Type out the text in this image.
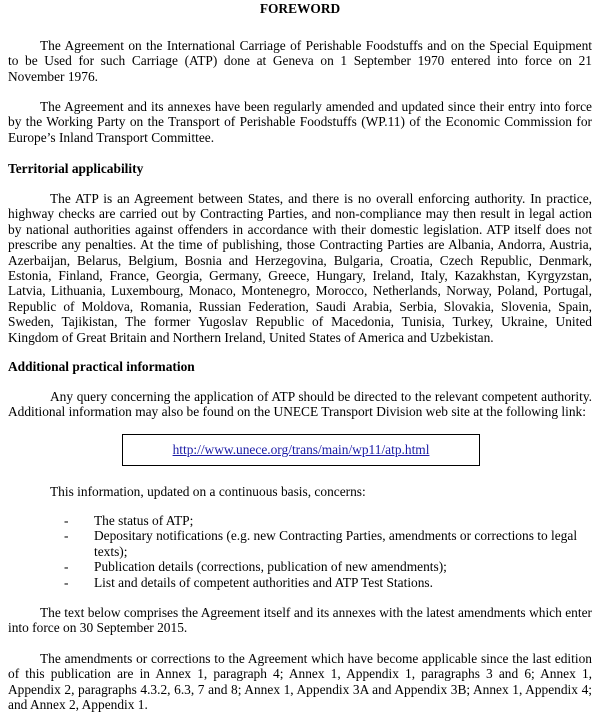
FOREWORD

The Agreement on the International Carriage of Perishable Foodstuffs and on the Special Equipment to be Used for such Carriage (ATP) done at Geneva on 1 September 1970 entered into force on 21 November 1976.

The Agreement and its annexes have been regularly amended and updated since their entry into force by the Working Party on the Transport of Perishable Foodstuffs (WP.11) of the Economic Commission for Europe’s Inland Transport Committee.

Territorial applicability

The ATP is an Agreement between States, and there is no overall enforcing authority. In practice, highway checks are carried out by Contracting Parties, and non-compliance may then result in legal action by national authorities against offenders in accordance with their domestic legislation. ATP itself does not prescribe any penalties. At the time of publishing, those Contracting Parties are Albania, Andorra, Austria, Azerbaijan, Belarus, Belgium, Bosnia and Herzegovina, Bulgaria, Croatia, Czech Republic, Denmark, Estonia, Finland, France, Georgia, Germany, Greece, Hungary, Ireland, Italy, Kazakhstan, Kyrgyzstan, Latvia, Lithuania, Luxembourg, Monaco, Montenegro, Morocco, Netherlands, Norway, Poland, Portugal, Republic of Moldova, Romania, Russian Federation, Saudi Arabia, Serbia, Slovakia, Slovenia, Spain, Sweden, Tajikistan, The former Yugoslav Republic of Macedonia, Tunisia, Turkey, Ukraine, United Kingdom of Great Britain and Northern Ireland, United States of America and Uzbekistan.

Additional practical information

Any query concerning the application of ATP should be directed to the relevant competent authority. Additional information may also be found on the UNECE Transport Division web site at the following link:

http://www.unece.org/trans/main/wp11/atp.html

This information, updated on a continuous basis, concerns:

- The status of ATP;
- Depositary notifications (e.g. new Contracting Parties, amendments or corrections to legal texts);
- Publication details (corrections, publication of new amendments);
- List and details of competent authorities and ATP Test Stations.

The text below comprises the Agreement itself and its annexes with the latest amendments which enter into force on 30 September 2015.

The amendments or corrections to the Agreement which have become applicable since the last edition of this publication are in Annex 1, paragraph 4; Annex 1, Appendix 1, paragraphs 3 and 6; Annex 1, Appendix 2, paragraphs 4.3.2, 6.3, 7 and 8; Annex 1, Appendix 3A and Appendix 3B; Annex 1, Appendix 4; and Annex 2, Appendix 1.
